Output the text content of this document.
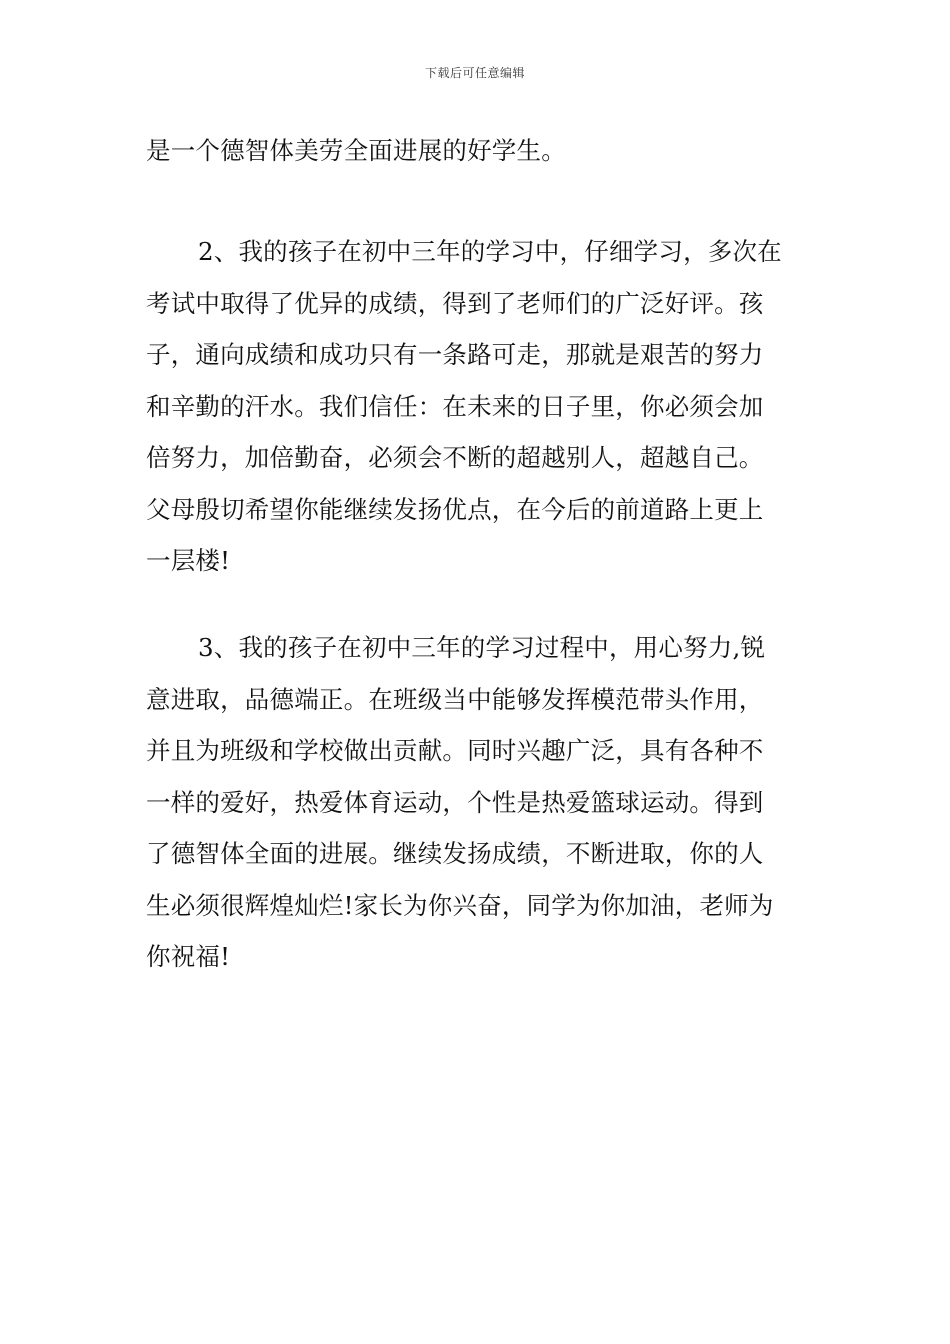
下载后可任意编辑
是一个德智体美劳全面进展的好学生。
2、我的孩子在初中三年的学习中，仔细学习，多次在
考试中取得了优异的成绩，得到了老师们的广泛好评。孩
子，通向成绩和成功只有一条路可走，那就是艰苦的努力
和辛勤的汗水。我们信任：在未来的日子里，你必须会加
倍努力，加倍勤奋，必须会不断的超越别人，超越自己。
父母殷切希望你能继续发扬优点，在今后的前道路上更上
一层楼!
3、我的孩子在初中三年的学习过程中，用心努力,锐
意进取，品德端正。在班级当中能够发挥模范带头作用，
并且为班级和学校做出贡献。同时兴趣广泛，具有各种不
一样的爱好，热爱体育运动，个性是热爱篮球运动。得到
了德智体全面的进展。继续发扬成绩，不断进取，你的人
生必须很辉煌灿烂!家长为你兴奋，同学为你加油，老师为
你祝福!
